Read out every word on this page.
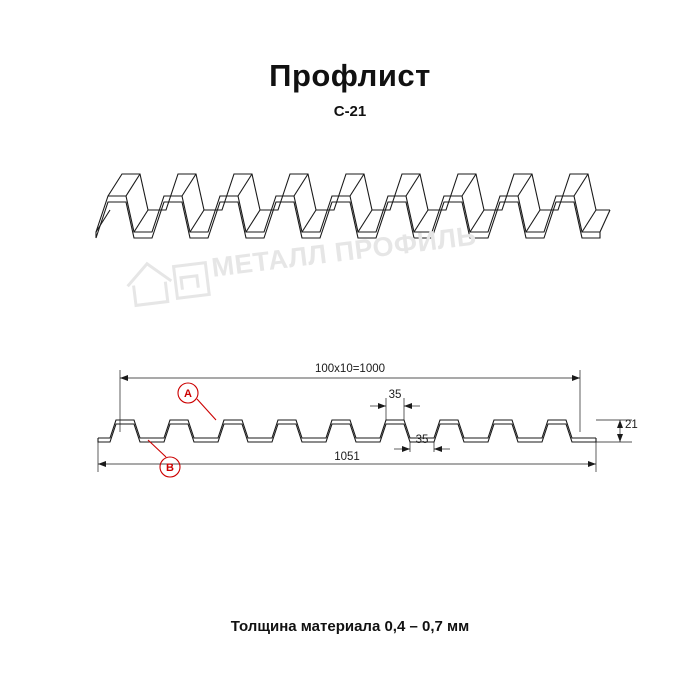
Профлист
С-21
МЕТАЛЛ ПРОФИЛЬ
100x10=1000
1051
35
35
21
A
B
Толщина материала 0,4 – 0,7 мм
